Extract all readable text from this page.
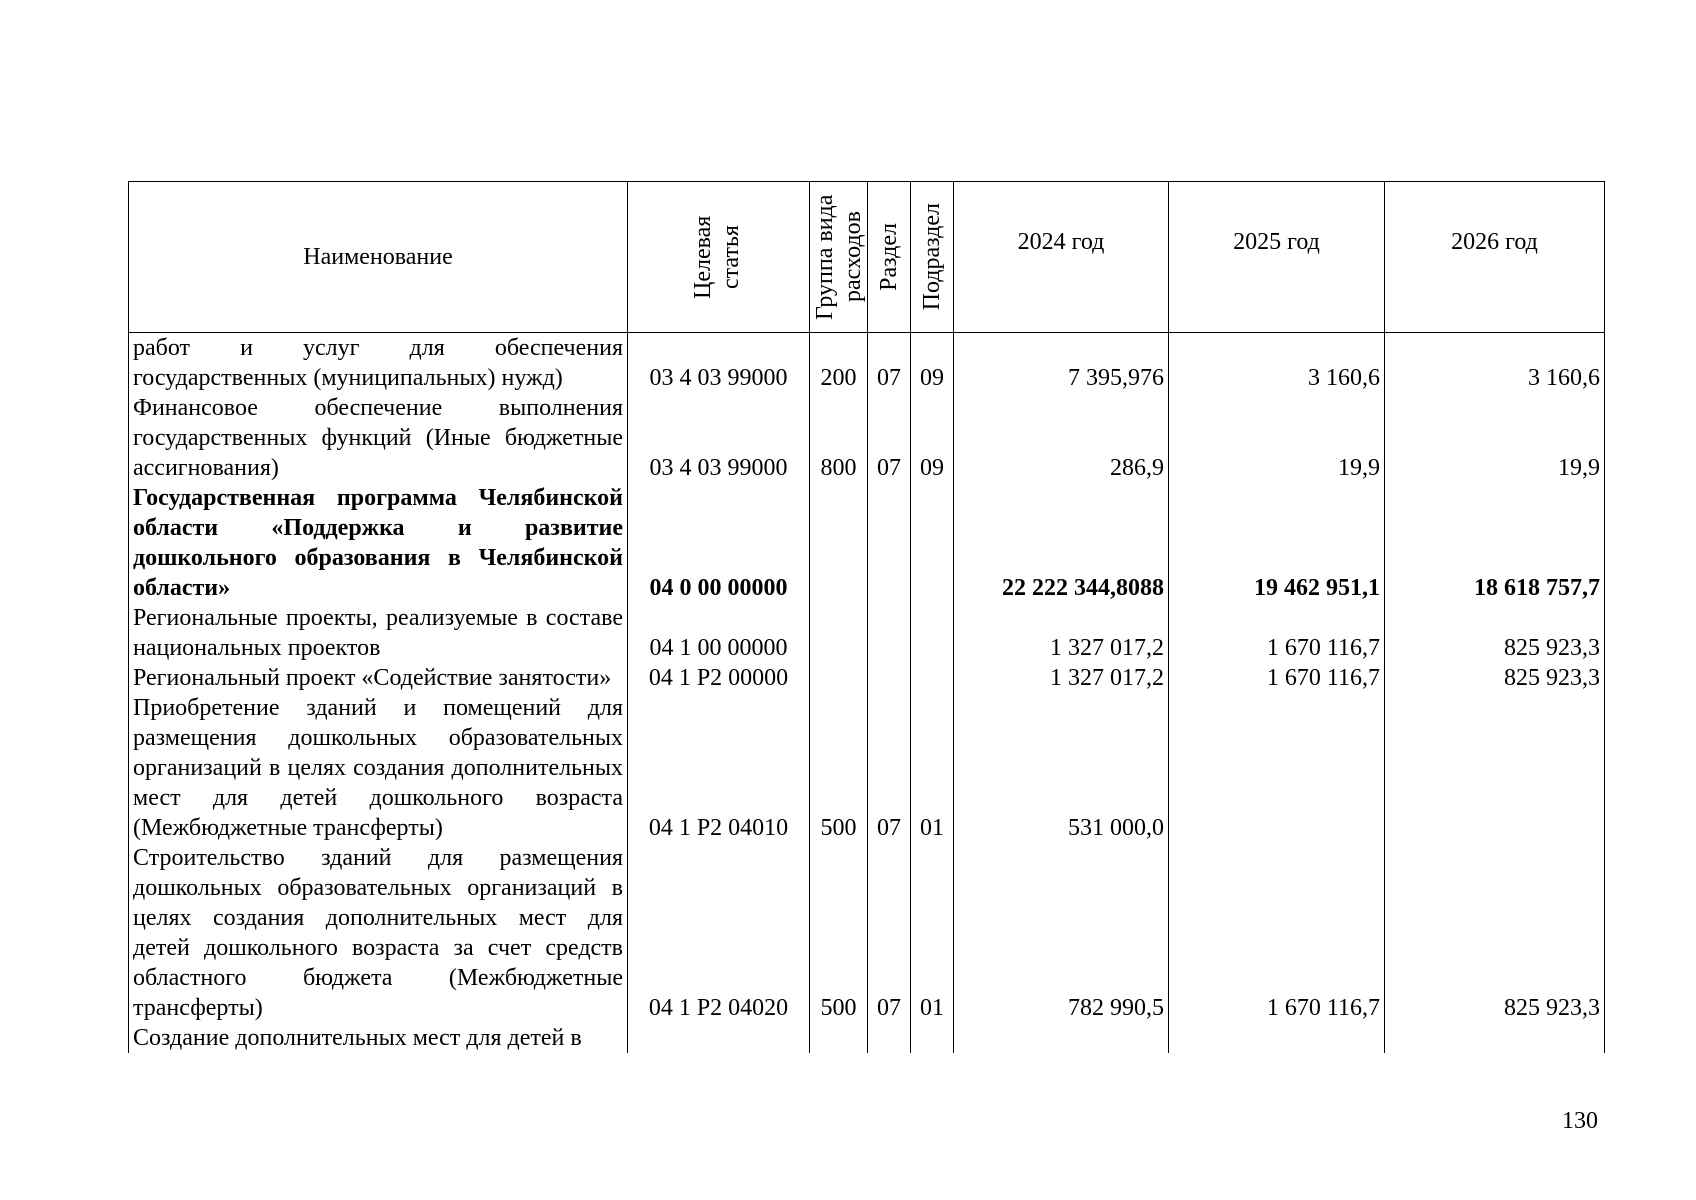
Наименование	Целевая статья	Группа вида расходов	Раздел	Подраздел	2024 год	2025 год	2026 год

работ и услуг для обеспечения государственных (муниципальных) нужд)	03 4 03 99000	200	07	09	7 395,976	3 160,6	3 160,6
Финансовое обеспечение выполнения государственных функций (Иные бюджетные ассигнования)	03 4 03 99000	800	07	09	286,9	19,9	19,9
Государственная программа Челябинской области «Поддержка и развитие дошкольного образования в Челябинской области»	04 0 00 00000				22 222 344,8088	19 462 951,1	18 618 757,7
Региональные проекты, реализуемые в составе национальных проектов	04 1 00 00000				1 327 017,2	1 670 116,7	825 923,3
Региональный проект «Содействие занятости»	04 1 P2 00000				1 327 017,2	1 670 116,7	825 923,3
Приобретение зданий и помещений для размещения дошкольных образовательных организаций в целях создания дополнительных мест для детей дошкольного возраста (Межбюджетные трансферты)	04 1 P2 04010	500	07	01	531 000,0		
Строительство зданий для размещения дошкольных образовательных организаций в целях создания дополнительных мест для детей дошкольного возраста за счет средств областного бюджета (Межбюджетные трансферты)	04 1 P2 04020	500	07	01	782 990,5	1 670 116,7	825 923,3
Создание дополнительных мест для детей в							
130
